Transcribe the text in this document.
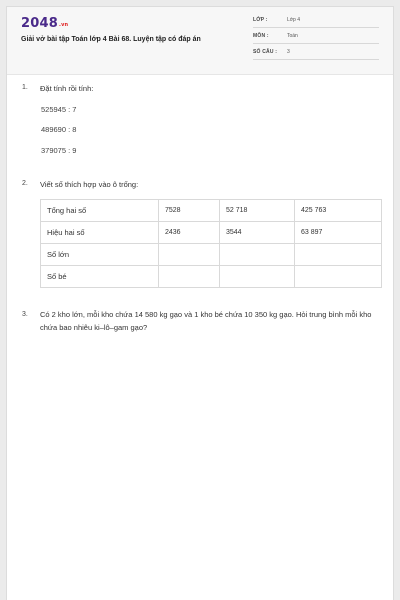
2048.vn
Giải vở bài tập Toán lớp 4 Bài 68. Luyện tập có đáp án
LỚP :	Lớp 4
MÔN :	Toán
SỐ CÂU : 3
1. Đặt tính rồi tính:
525945 : 7
489690 : 8
379075 : 9
2. Viết số thích hợp vào ô trống:
Tổng hai số	7528	52 718	425 763
Hiệu hai số	2436	3544	63 897
Số lớn			
Số bé			
3. Có 2 kho lớn, mỗi kho chứa 14 580 kg gạo và 1 kho bé chứa 10 350 kg gạo. Hỏi trung bình mỗi kho chứa bao nhiêu ki–lô–gam gạo?
